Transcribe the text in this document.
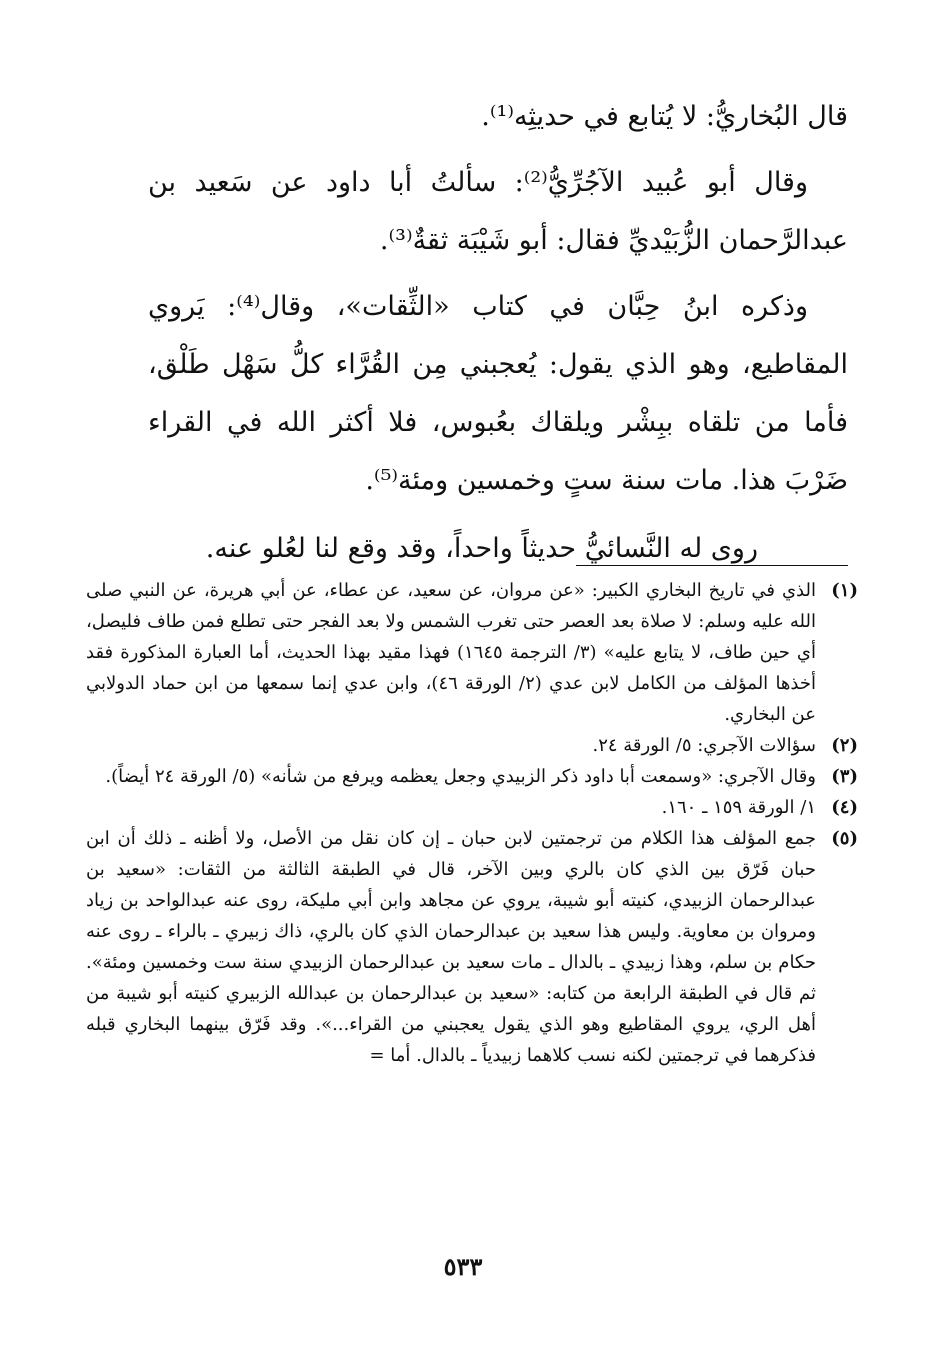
قال البُخاريُّ: لا يُتابع في حديثِه⁽¹⁾.

وقال أبو عُبيد الآجُرِّيُّ⁽²⁾: سألتُ أبا داود عن سَعيد بن عبدالرَّحمان الزُّبَيْديِّ فقال: أبو شَيْبَة ثقةٌ⁽³⁾.

وذكره ابنُ حِبَّان في كتاب «الثِّقات»، وقال⁽⁴⁾: يَروي المقاطيع، وهو الذي يقول: يُعجبني مِن القُرَّاء كلُّ سَهْل طَلْق، فأما من تلقاه ببِشْر ويلقاك بعُبوس، فلا أكثر الله في القراء ضَرْبَ هذا. مات سنة ستٍ وخمسين ومئة⁽⁵⁾.

روى له النَّسائيُّ حديثاً واحداً، وقد وقع لنا لعُلو عنه.

(١)
الذي في تاريخ البخاري الكبير: «عن مروان، عن سعيد، عن عطاء، عن أبي هريرة، عن النبي صلى الله عليه وسلم: لا صلاة بعد العصر حتى تغرب الشمس ولا بعد الفجر حتى تطلع فمن طاف فليصل، أي حين طاف، لا يتابع عليه» (٣/ الترجمة ١٦٤٥) فهذا مقيد بهذا الحديث، أما العبارة المذكورة فقد أخذها المؤلف من الكامل لابن عدي (٢/ الورقة ٤٦)، وابن عدي إنما سمعها من ابن حماد الدولابي عن البخاري.

(٢)
سؤالات الآجري: ٥/ الورقة ٢٤.

(٣)
وقال الآجري: «وسمعت أبا داود ذكر الزبيدي وجعل يعظمه ويرفع من شأنه» (٥/ الورقة ٢٤ أيضاً).

(٤)
١/ الورقة ١٥٩ ـ ١٦٠.

(٥)
جمع المؤلف هذا الكلام من ترجمتين لابن حبان ـ إن كان نقل من الأصل، ولا أظنه ـ ذلك أن ابن حبان فَرّق بين الذي كان بالري وبين الآخر، قال في الطبقة الثالثة من الثقات: «سعيد بن عبدالرحمان الزبيدي، كنيته أبو شيبة، يروي عن مجاهد وابن أبي مليكة، روى عنه عبدالواحد بن زياد ومروان بن معاوية. وليس هذا سعيد بن عبدالرحمان الذي كان بالري، ذاك زبيري ـ بالراء ـ روى عنه حكام بن سلم، وهذا زبيدي ـ بالدال ـ مات سعيد بن عبدالرحمان الزبيدي سنة ست وخمسين ومئة». ثم قال في الطبقة الرابعة من كتابه: «سعيد بن عبدالرحمان بن عبدالله الزبيري كنيته أبو شيبة من أهل الري، يروي المقاطيع وهو الذي يقول يعجبني من القراء...». وقد فَرّق بينهما البخاري قبله فذكرهما في ترجمتين لكنه نسب كلاهما زبيدياً ـ بالدال. أما =

٥٣٣
